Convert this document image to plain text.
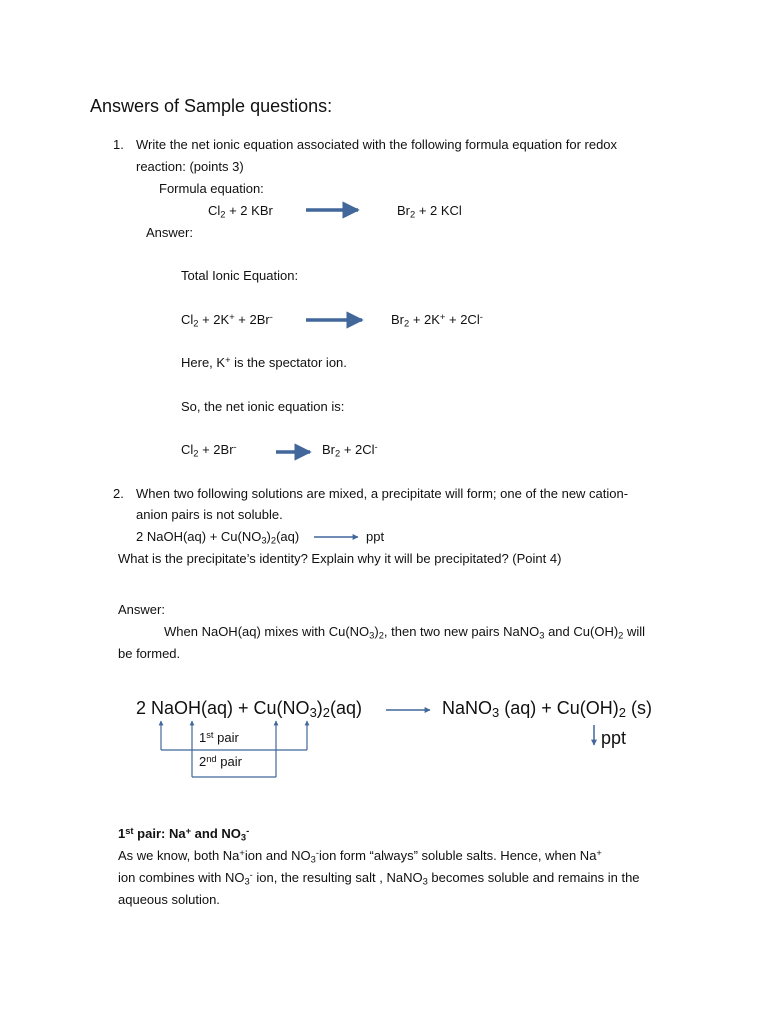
Answers of Sample questions:
1. Write the net ionic equation associated with the following formula equation for redox
reaction: (points 3)
Formula equation:
$Cl_2 + 2$ KBr	$Br_2 + 2$ KCl
Answer:
Total Ionic Equation:
$Cl_2 + 2K^+ + 2Br^-$	$Br_2 + 2K^+ + 2Cl^-$
Here, K+ is the spectator ion.
So, the net ionic equation is:
$Cl_2 + 2Br^-$	$Br_2 + 2Cl^-$
2. When two following solutions are mixed, a precipitate will form; one of the new cation-
anion pairs is not soluble.
2 NaOH(aq) + $Cu(NO_3)_2(aq)$	ppt
What is the precipitate’s identity? Explain why it will be precipitated? (Point 4)
Answer:
When NaOH(aq) mixes with $Cu(NO_3)_2$, then two new pairs NaNO$_3$ and $Cu(OH)_2$ will
be formed.
2 NaOH(aq) + $Cu(NO_3)_2(aq)$	NaNO$_3$ $(aq) + Cu(OH)_2$ (s)
ppt
1st pair
2nd pair
1st pair: Na+ and $NO_3^-$
As we know, both Na+ion and $NO_3^-ion$ form “always” soluble salts. Hence, when Na+
ion combines with $NO_3^-$ ion, the resulting salt , NaNO$_3$ becomes soluble and remains in the
aqueous solution.
